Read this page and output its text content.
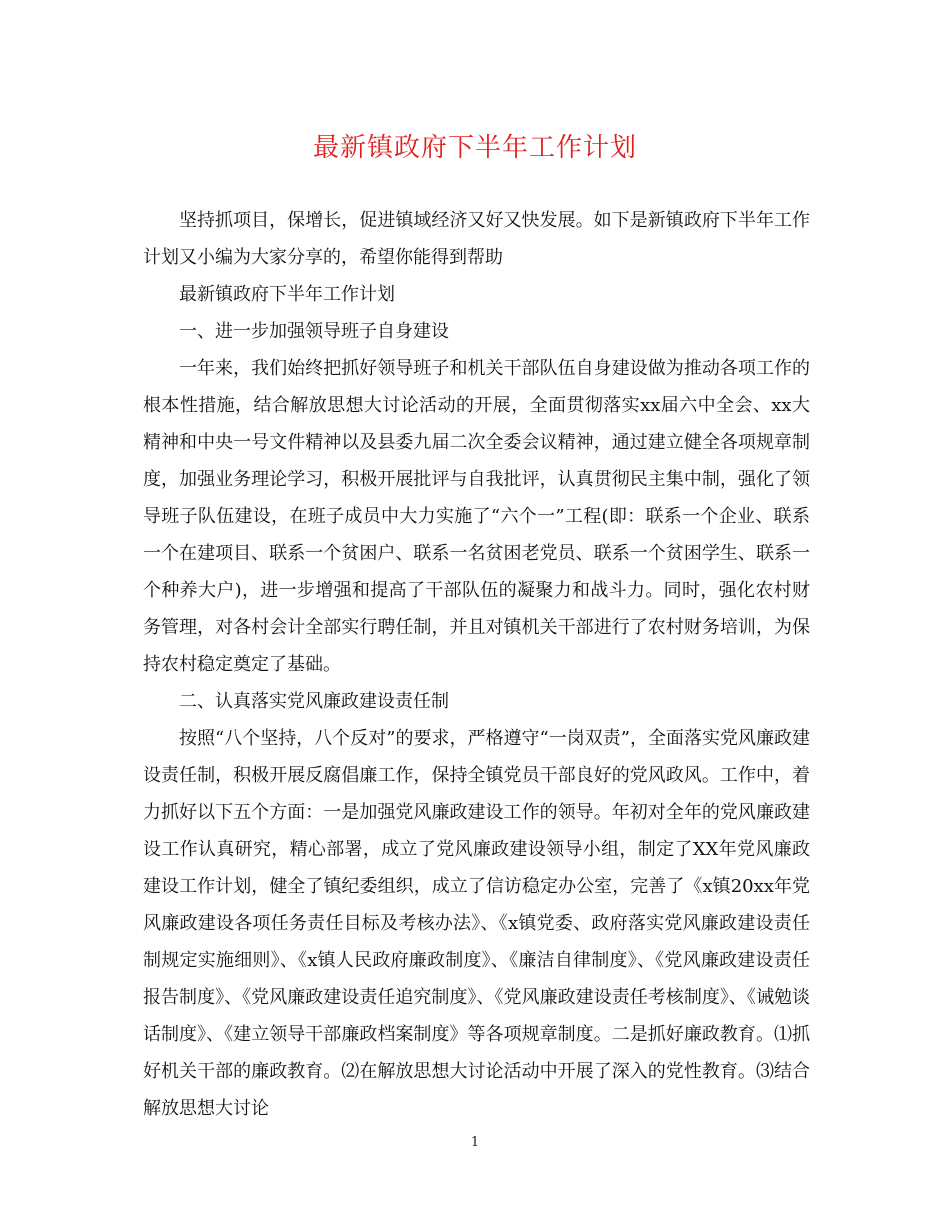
最新镇政府下半年工作计划

坚持抓项目，保增长，促进镇域经济又好又快发展。如下是新镇政府下半年工作计划又小编为大家分享的，希望你能得到帮助

最新镇政府下半年工作计划

一、进一步加强领导班子自身建设

一年来，我们始终把抓好领导班子和机关干部队伍自身建设做为推动各项工作的根本性措施，结合解放思想大讨论活动的开展，全面贯彻落实xx届六中全会、xx大精神和中央一号文件精神以及县委九届二次全委会议精神，通过建立健全各项规章制度，加强业务理论学习，积极开展批评与自我批评，认真贯彻民主集中制，强化了领导班子队伍建设，在班子成员中大力实施了“六个一”工程(即：联系一个企业、联系一个在建项目、联系一个贫困户、联系一名贫困老党员、联系一个贫困学生、联系一个种养大户)，进一步增强和提高了干部队伍的凝聚力和战斗力。同时，强化农村财务管理，对各村会计全部实行聘任制，并且对镇机关干部进行了农村财务培训，为保持农村稳定奠定了基础。

二、认真落实党风廉政建设责任制

按照“八个坚持，八个反对”的要求，严格遵守“一岗双责”，全面落实党风廉政建设责任制，积极开展反腐倡廉工作，保持全镇党员干部良好的党风政风。工作中，着力抓好以下五个方面：一是加强党风廉政建设工作的领导。年初对全年的党风廉政建设工作认真研究，精心部署，成立了党风廉政建设领导小组，制定了XX年党风廉政建设工作计划，健全了镇纪委组织，成立了信访稳定办公室，完善了《x镇20xx年党风廉政建设各项任务责任目标及考核办法》、《x镇党委、政府落实党风廉政建设责任制规定实施细则》、《x镇人民政府廉政制度》、《廉洁自律制度》、《党风廉政建设责任报告制度》、《党风廉政建设责任追究制度》、《党风廉政建设责任考核制度》、《诫勉谈话制度》、《建立领导干部廉政档案制度》等各项规章制度。二是抓好廉政教育。⑴抓好机关干部的廉政教育。⑵在解放思想大讨论活动中开展了深入的党性教育。⑶结合解放思想大讨论

1
